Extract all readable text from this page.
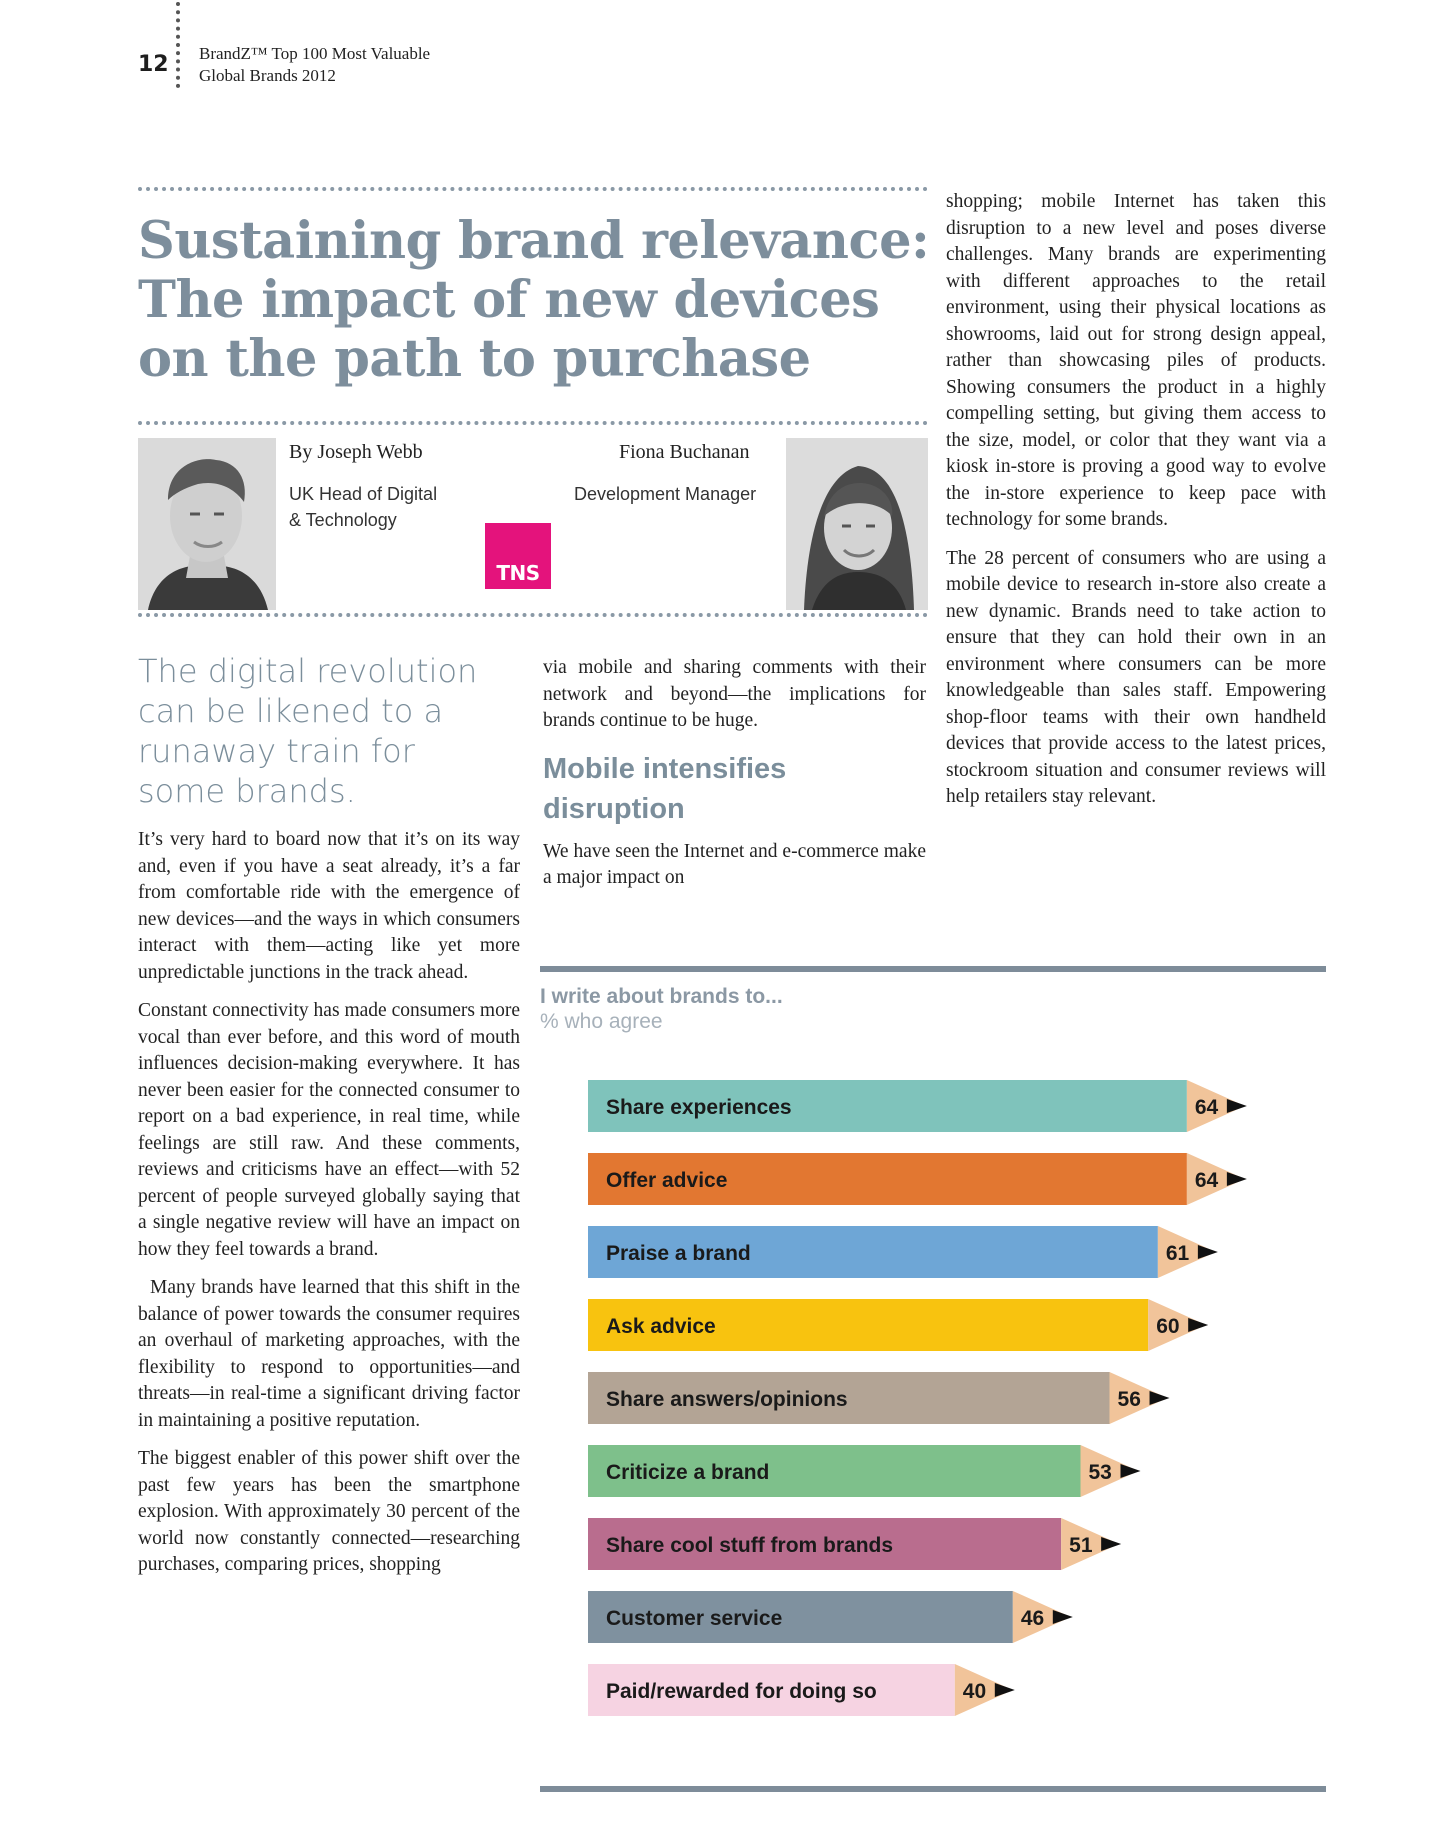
12 BrandZ™ Top 100 Most Valuable
Global Brands 2012
Sustaining brand relevance:
The impact of new devices
on the path to purchase
By Joseph Webb
UK Head of Digital
& Technology
TNS
Fiona Buchanan
Development Manager
The digital revolution can be likened to a runaway train for some brands.

It’s very hard to board now that it’s on its way and, even if you have a seat already, it’s a far from comfortable ride with the emergence of new devices—and the ways in which consumers interact with them—acting like yet more unpredictable junctions in the track ahead.

Constant connectivity has made consumers more vocal than ever before, and this word of mouth influences decision-making everywhere. It has never been easier for the connected consumer to report on a bad experience, in real time, while feelings are still raw. And these comments, reviews and criticisms have an effect—with 52 percent of people surveyed globally saying that a single negative review will have an impact on how they feel towards a brand.

Many brands have learned that this shift in the balance of power towards the consumer requires an overhaul of marketing approaches, with the flexibility to respond to opportunities—and threats—in real-time a significant driving factor in maintaining a positive reputation.

The biggest enabler of this power shift over the past few years has been the smartphone explosion. With approximately 30 percent of the world now constantly connected—researching purchases, comparing prices, shopping

via mobile and sharing comments with their network and beyond—the implications for brands continue to be huge.

Mobile intensifies disruption

We have seen the Internet and e-commerce make a major impact on

shopping; mobile Internet has taken this disruption to a new level and poses diverse challenges. Many brands are experimenting with different approaches to the retail environment, using their physical locations as showrooms, laid out for strong design appeal, rather than showcasing piles of products. Showing consumers the product in a highly compelling setting, but giving them access to the size, model, or color that they want via a kiosk in-store is proving a good way to evolve the in-store experience to keep pace with technology for some brands.

The 28 percent of consumers who are using a mobile device to research in-store also create a new dynamic. Brands need to take action to ensure that they can hold their own in an environment where consumers can be more knowledgeable than sales staff. Empowering shop-floor teams with their own handheld devices that provide access to the latest prices, stockroom situation and consumer reviews will help retailers stay relevant.

I write about brands to...
% who agree
Share experiences	64
Offer advice	64
Praise a brand	61
Ask advice	60
Share answers/opinions	56
Criticize a brand	53
Share cool stuff from brands	51
Customer service	46
Paid/rewarded for doing so	40
